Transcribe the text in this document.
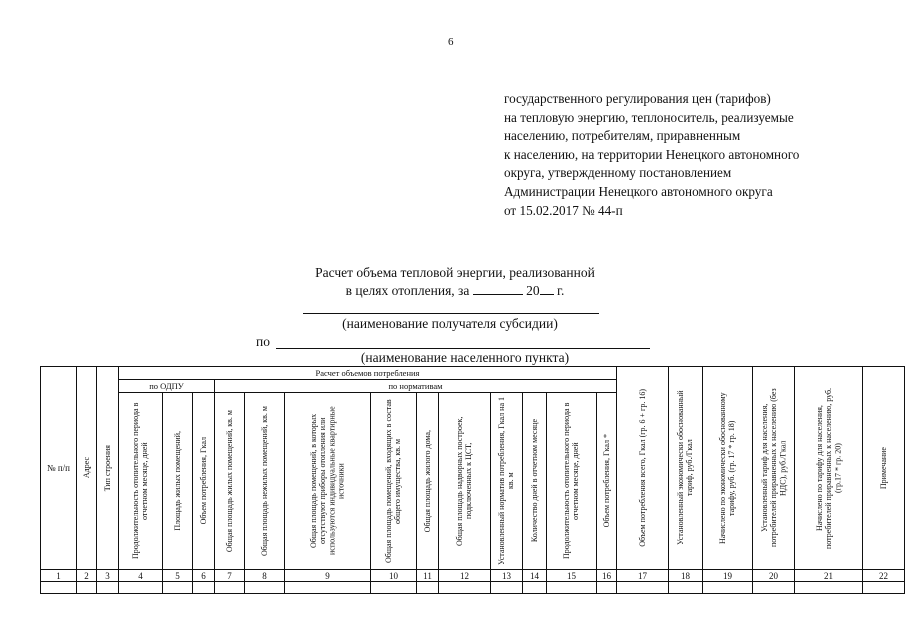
6
государственного регулирования цен (тарифов)
на тепловую энергию, теплоноситель, реализуемые
населению, потребителям, приравненным
к населению, на территории Ненецкого автономного
округа, утвержденному постановлением
Администрации Ненецкого автономного округа
от 15.02.2017 № 44-п
Расчет объема тепловой энергии, реализованной
в целях отопления, за	20 г.
(наименование получателя субсидии)
по
(наименование населенного пункта)
№ п/п	Адрес	Тип строения	Расчет объемов потребления													Объем потребления всего, Гкал (гр. 6 + гр. 16)	Установленный экономически обоснованный тариф, руб./Гкал	Начислено по экономически обоснованному тарифу, руб. (гр. 17 * гр. 18)	Установленный тариф для населения, потребителей приравненных к населению (без НДС), руб./Гкал	Начислено по тарифу для населения, потребителей приравненных к населению, руб. (гр.17 * гр. 20)	Примечание

			по ОДПУ			по нормативам															

			Продолжительность отопительного периода в отчетном месяце, дней	Площадь жилых помещений,	Объем потребления, Гкал	Общая площадь жилых помещений, кв. м	Общая площадь нежилых помещений, кв. м	Общая площадь помещений, в которых отсутствуют приборы отопления или используются индивидуальные квартирные источники	Общая площадь помещений, входящих в состав общего имущества, кв. м	Общая площадь жилого дома,	Общая площадь надворных построек, подключенных к ЦСТ,	Установленный норматив потребления, Гкал на 1 кв. м	Количество дней в отчетном месяце	Продолжительность отопительного периода в отчетном месяце, дней	Объем потребления, Гкал *						

1	2	3	4	5	6	7	8	9	10	11	12	13	14	15	16	17	18	19	20	21	22
